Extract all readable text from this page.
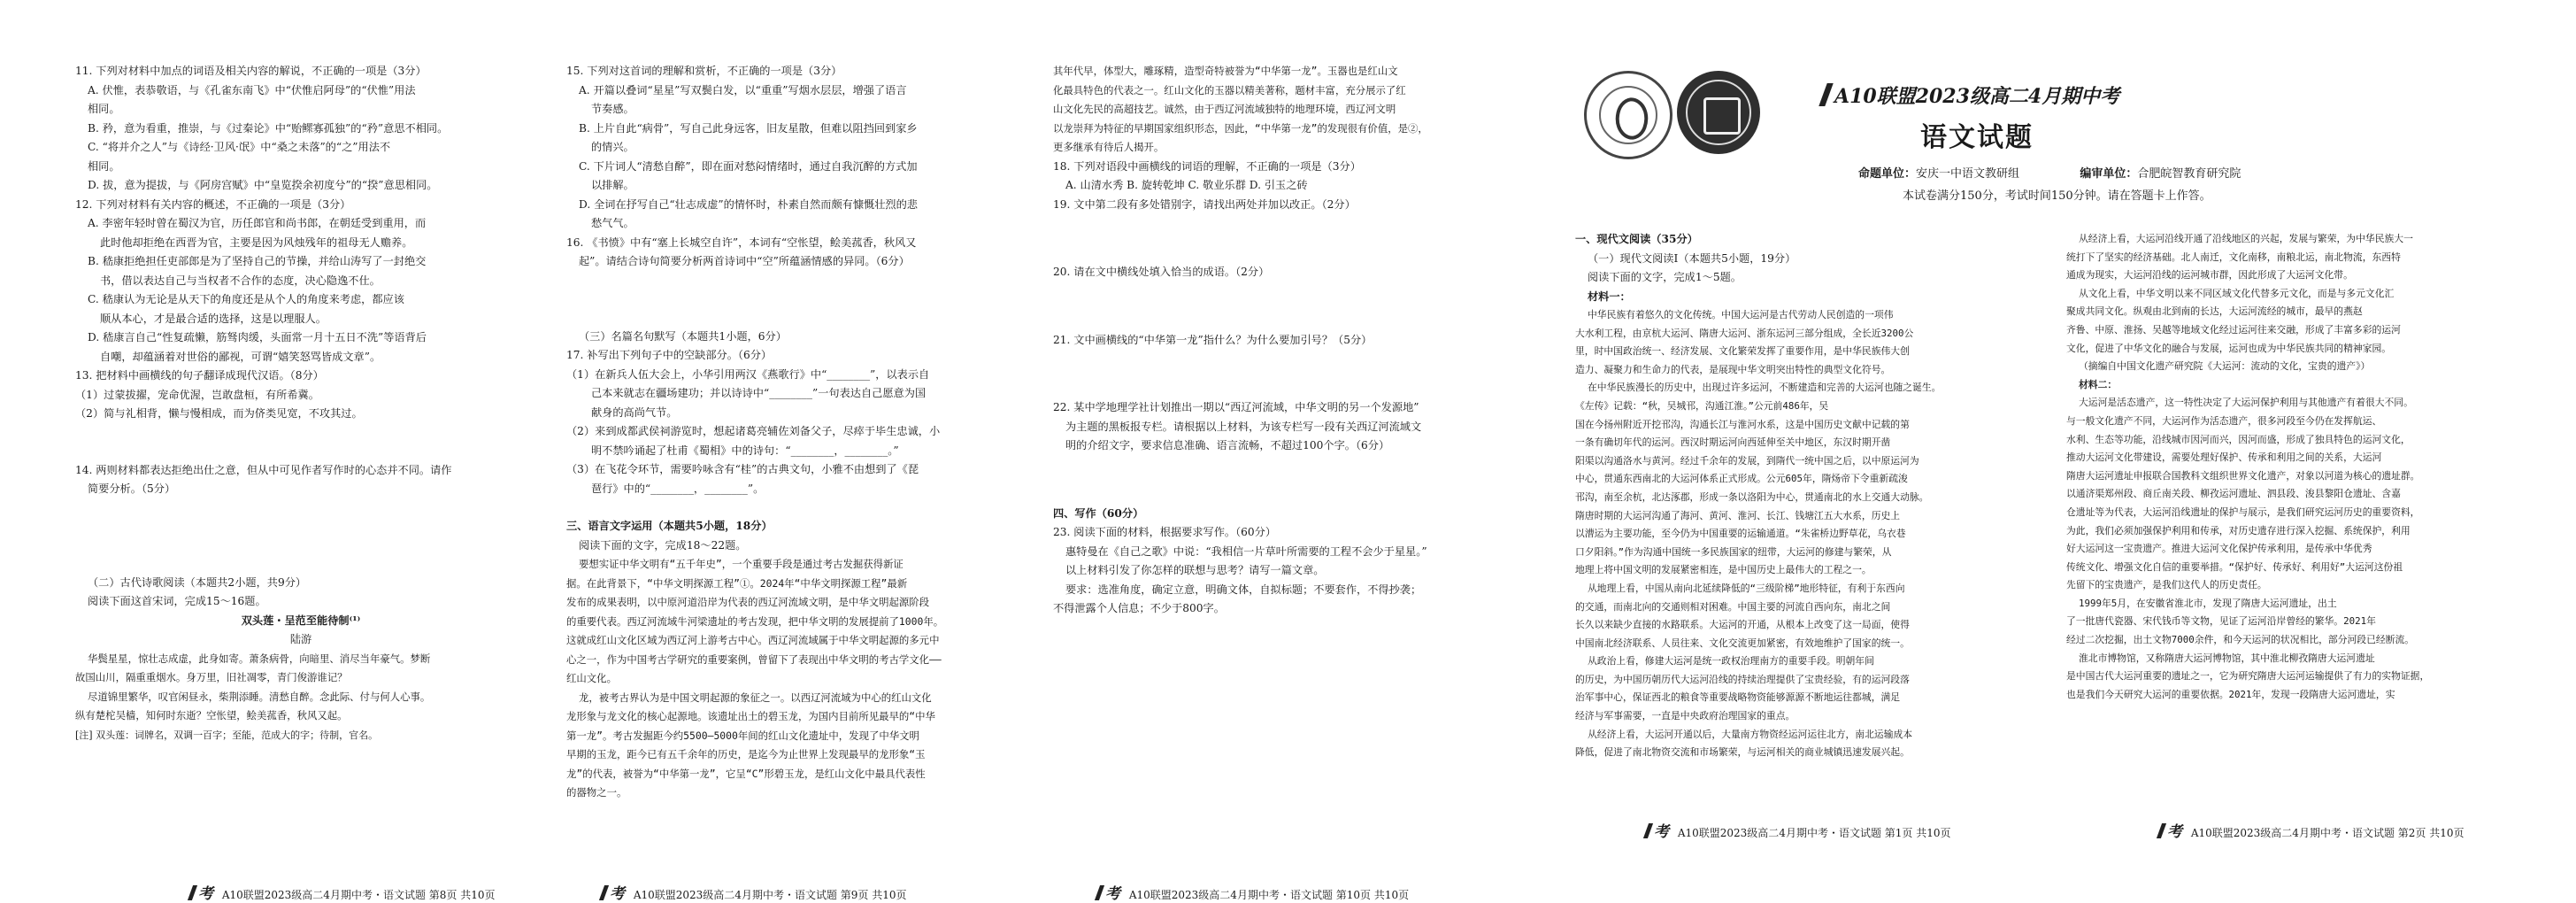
11. 下列对材料中加点的词语及相关内容的解说，不正确的一项是（3分）

A. 伏惟，表恭敬语，与《孔雀东南飞》中“伏惟启阿母”的“伏惟”用法

相同。

B. 矜，意为看重，推崇，与《过秦论》中“贻鳏寡孤独”的“矜”意思不相同。

C. “将并介之人”与《诗经·卫风·氓》中“桑之未落”的“之”用法不

相同。

D. 拔，意为提拔，与《阿房宫赋》中“皇览揆余初度兮”的“揆”意思相同。

12. 下列对材料有关内容的概述，不正确的一项是（3分）

A. 李密年轻时曾在蜀汉为官，历任郎官和尚书郎，在朝廷受到重用，而

此时他却拒绝在西晋为官，主要是因为风烛残年的祖母无人赡养。

B. 嵇康拒绝担任吏部郎是为了坚持自己的节操，并给山涛写了一封绝交

书，借以表达自己与当权者不合作的态度，决心隐逸不仕。

C. 嵇康认为无论是从天下的角度还是从个人的角度来考虑，都应该

顺从本心，才是最合适的选择，这是以理服人。

D. 嵇康言自己“性复疏懒，筋驽肉缓，头面常一月十五日不洗”等语背后

自嘲，却蕴涵着对世俗的鄙视，可谓“嬉笑怒骂皆成文章”。

13. 把材料中画横线的句子翻译成现代汉语。（8分）

（1）过蒙拔擢，宠命优渥，岂敢盘桓，有所希冀。

（2）简与礼相背，懒与慢相成，而为侪类见宽，不攻其过。

14. 两则材料都表达拒绝出仕之意，但从中可见作者写作时的心态并不同。请作

简要分析。（5分）

（二）古代诗歌阅读（本题共2小题，共9分）

阅读下面这首宋词，完成15～16题。

双头莲・呈范至能待制⁽¹⁾

陆游

华鬓星星，惊壮志成虚，此身如寄。萧条病骨，向暗里、消尽当年豪气。梦断

故国山川，隔重重烟水。身万里，旧社凋零，青门俊游谁记？

尽道锦里繁华，叹官闲昼永，柴荆添睡。清愁自醉。念此际、付与何人心事。

纵有楚柁吴樯，知何时东逝？空怅望，鲙美菰香，秋风又起。

[注] 双头莲：词牌名，双调一百字；至能，范成大的字；待制，官名。

考 A10联盟2023级高二4月期中考・语文试题 第8页 共10页

15. 下列对这首词的理解和赏析，不正确的一项是（3分）

A. 开篇以叠词“星星”写双鬓白发，以“重重”写烟水层层，增强了语言

节奏感。

B. 上片自此“病骨”，写自己此身远客，旧友星散，但难以阻挡回到家乡

的情兴。

C. 下片词人“清愁自醉”，即在面对愁闷情绪时，通过自我沉醉的方式加

以排解。

D. 全词在抒写自己“壮志成虚”的情怀时，朴素自然而颇有慷慨壮烈的悲

愁气气。

16. 《书愤》中有“塞上长城空自许”，本词有“空怅望，鲙美菰香，秋风又

起”。请结合诗句简要分析两首诗词中“空”所蕴涵情感的异同。（6分）

（三）名篇名句默写（本题共1小题，6分）

17. 补写出下列句子中的空缺部分。（6分）

（1）在新兵人伍大会上，小华引用两汉《燕歌行》中“________”，以表示自

己本来就志在疆场建功；并以诗诗中“________”一句表达自己愿意为国

献身的高尚气节。

（2）来到成都武侯祠游览时，想起诸葛亮辅佐刘备父子，尽瘁于毕生忠诚，小

明不禁吟诵起了杜甫《蜀相》中的诗句：“________，________。”

（3）在飞花令环节，需要吟咏含有“桂”的古典文句，小雅不由想到了《琵

琶行》中的“________，________”。

三、语言文字运用（本题共5小题，18分）

阅读下面的文字，完成18～22题。

要想实证中华文明有“五千年史”，一个重要手段是通过考古发掘获得新证

据。在此背景下，“中华文明探源工程”①。2024年“中华文明探源工程”最新

发布的成果表明，以中原河道沿岸为代表的西辽河流域文明，是中华文明起源阶段

的重要代表。西辽河流域牛河梁遗址的考古发现，把中华文明的发展提前了1000年。

这就成红山文化区域为西辽河上游考古中心。西辽河流域属于中华文明起源的多元中

心之一，作为中国考古学研究的重要案例，曾留下了表现出中华文明的考古学文化——

红山文化。

龙，被考古界认为是中国文明起源的象征之一。以西辽河流域为中心的红山文化

龙形象与龙文化的核心起源地。该遗址出土的碧玉龙，为国内目前所见最早的“中华

第一龙”。考古发掘距今约5500—5000年间的红山文化遗址中，发现了中华文明

早期的玉龙，距今已有五千余年的历史，是迄今为止世界上发现最早的龙形象“玉

龙”的代表，被誉为“中华第一龙”，它呈“C”形碧玉龙，是红山文化中最具代表性

的器物之一。

考 A10联盟2023级高二4月期中考・语文试题 第9页 共10页

其年代早，体型大，雕琢精，造型奇特被誉为“中华第一龙”。玉器也是红山文

化最具特色的代表之一。红山文化的玉器以精美著称，题材丰富，充分展示了红

山文化先民的高超技艺。诚然，由于西辽河流域独特的地理环境，西辽河文明

以龙崇拜为特征的早期国家组织形态，因此，“中华第一龙”的发现很有价值，是②，

更多继承有待后人揭开。

18. 下列对语段中画横线的词语的理解，不正确的一项是（3分）

A. 山清水秀 B. 旋转乾坤 C. 敬业乐群 D. 引玉之砖

19. 文中第二段有多处错别字，请找出两处并加以改正。（2分）

20. 请在文中横线处填入恰当的成语。（2分）

21. 文中画横线的“中华第一龙”指什么？为什么要加引号？（5分）

22. 某中学地理学社计划推出一期以“西辽河流域，中华文明的另一个发源地”

为主题的黑板报专栏。请根据以上材料，为该专栏写一段有关西辽河流域文

明的介绍文字，要求信息准确、语言流畅，不超过100个字。（6分）

四、写作（60分）

23. 阅读下面的材料，根据要求写作。（60分）

惠特曼在《自己之歌》中说：“我相信一片草叶所需要的工程不会少于星星。”

以上材料引发了你怎样的联想与思考？请写一篇文章。

要求：选准角度，确定立意，明确文体，自拟标题；不要套作，不得抄袭；

不得泄露个人信息；不少于800字。

考 A10联盟2023级高二4月期中考・语文试题 第10页 共10页
A10联盟2023级高二4月期中考
语文试题
命题单位：安庆一中语文教研组	编审单位：合肥皖智教育研究院
本试卷满分150分，考试时间150分钟。请在答题卡上作答。

一、现代文阅读（35分）

（一）现代文阅读Ⅰ（本题共5小题，19分）

阅读下面的文字，完成1～5题。

材料一：

中华民族有着悠久的文化传统。中国大运河是古代劳动人民创造的一项伟

大水利工程，由京杭大运河、隋唐大运河、浙东运河三部分组成，全长近3200公

里，时中国政治统一、经济发展、文化繁荣发挥了重要作用，是中华民族伟大创

造力、凝聚力和生命力的代表，是展现中华文明突出特性的典型文化符号。

在中华民族漫长的历史中，出现过许多运河，不断建造和完善的大运河也随之诞生。

《左传》记载：“秋，吴城邗，沟通江淮。”公元前486年，吴

国在今扬州附近开挖邗沟，沟通长江与淮河水系，这是中国历史文献中记载的第

一条有确切年代的运河。西汉时期运河向西延伸至关中地区，东汉时期开凿

阳渠以沟通洛水与黄河。经过千余年的发展，到隋代一统中国之后，以中原运河为

中心，贯通东西南北的大运河体系正式形成。公元605年，隋炀帝下令重新疏浚

邗沟，南至余杭，北达涿郡，形成一条以洛阳为中心，贯通南北的水上交通大动脉。

隋唐时期的大运河沟通了海河、黄河、淮河、长江、钱塘江五大水系，历史上

以漕运为主要功能，至今仍为中国重要的运输通道。“朱雀桥边野草花，乌衣巷

口夕阳斜。”作为沟通中国统一多民族国家的纽带，大运河的修建与繁荣，从

地理上将中国文明的发展紧密相连，是中国历史上最伟大的工程之一。

从地理上看，中国从南向北延续降低的“三级阶梯”地形特征，有利于东西向

的交通，而南北向的交通则相对困难。中国主要的河流自西向东，南北之间

长久以来缺少直接的水路联系。大运河的开通，从根本上改变了这一局面，使得

中国南北经济联系、人员往来、文化交流更加紧密，有效地维护了国家的统一。

从政治上看，修建大运河是统一政权治理南方的重要手段。明朝年间

的历史，为中国历朝历代大运河沿线的持续治理提供了宝贵经验，有的运河段落

治军事中心，保证西北的粮食等重要战略物资能够源源不断地运往都城，满足

经济与军事需要，一直是中央政府治理国家的重点。

从经济上看，大运河开通以后，大量南方物资经运河运往北方，南北运输成本

降低，促进了南北物资交流和市场繁荣，与运河相关的商业城镇迅速发展兴起。

从经济上看，大运河沿线开通了沿线地区的兴起，发展与繁荣，为中华民族大一

统打下了坚实的经济基础。北人南迁，文化南移，南粮北运，南北物流，东西特

通成为现实，大运河沿线的运河城市群，因此形成了大运河文化带。

从文化上看，中华文明以来不同区域文化代替多元文化，而是与多元文化汇

聚成共同文化。纵观由北到南的长达，大运河流经的城市，最早的燕赵

齐鲁、中原、淮扬、吴越等地域文化经过运河往来交融，形成了丰富多彩的运河

文化，促进了中华文化的融合与发展，运河也成为中华民族共同的精神家园。

（摘编自中国文化遗产研究院《大运河：流动的文化，宝贵的遗产》）

材料二：

大运河是活态遗产，这一特性决定了大运河保护利用与其他遗产有着很大不同。

与一般文化遗产不同，大运河作为活态遗产，很多河段至今仍在发挥航运、

水利、生态等功能，沿线城市因河而兴，因河而盛，形成了独具特色的运河文化，

推动大运河文化带建设，需要处理好保护、传承和利用之间的关系，大运河

隋唐大运河遗址申报联合国教科文组织世界文化遗产，对象以河道为核心的遗址群。

以通济渠郑州段、商丘南关段、柳孜运河遗址、泗县段、浚县黎阳仓遗址、含嘉

仓遗址等为代表，大运河沿线遗址的保护与展示，是我们研究运河历史的重要资料，

为此，我们必须加强保护利用和传承，对历史遗存进行深入挖掘、系统保护，利用

好大运河这一宝贵遗产。推进大运河文化保护传承利用，是传承中华优秀

传统文化、增强文化自信的重要举措。“保护好、传承好、利用好”大运河这份祖

先留下的宝贵遗产，是我们这代人的历史责任。

1999年5月，在安徽省淮北市，发现了隋唐大运河遗址，出土

了一批唐代瓷器、宋代钱币等文物，见证了运河沿岸曾经的繁华。2021年

经过二次挖掘，出土文物7000余件，和今天运河的状况相比，部分河段已经断流。

淮北市博物馆，又称隋唐大运河博物馆，其中淮北柳孜隋唐大运河遗址

是中国古代大运河重要的遗址之一，它为研究隋唐大运河运输提供了有力的实物证据，

也是我们今天研究大运河的重要依据。2021年，发现一段隋唐大运河遗址，实

考 A10联盟2023级高二4月期中考・语文试题 第1页 共10页	考 A10联盟2023级高二4月期中考・语文试题 第2页 共10页
